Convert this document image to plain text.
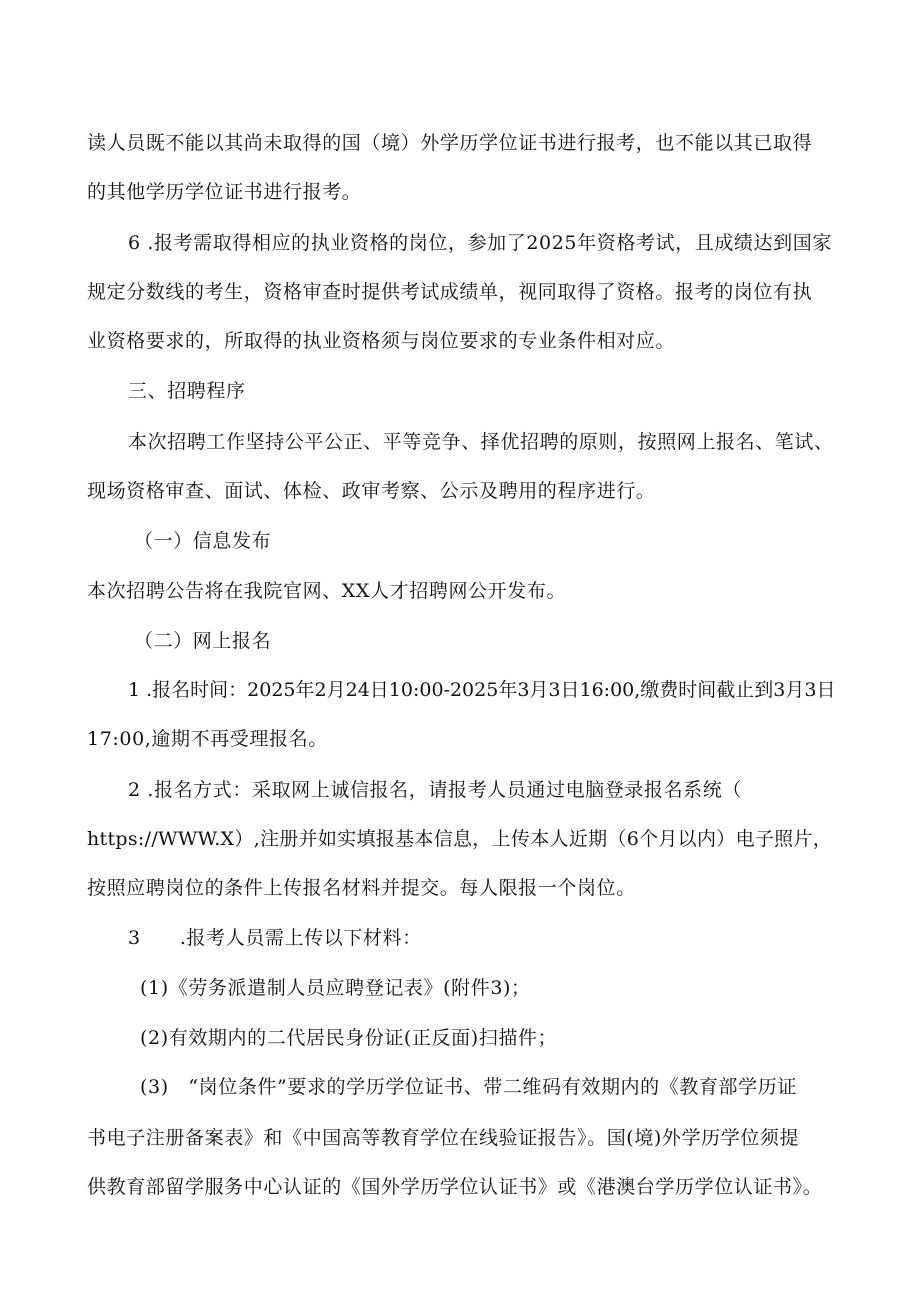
读人员既不能以其尚未取得的国（境）外学历学位证书进行报考，也不能以其已取得
的其他学历学位证书进行报考。
6 .报考需取得相应的执业资格的岗位，参加了2025年资格考试，且成绩达到国家
规定分数线的考生，资格审查时提供考试成绩单，视同取得了资格。报考的岗位有执
业资格要求的，所取得的执业资格须与岗位要求的专业条件相对应。
三、招聘程序
本次招聘工作坚持公平公正、平等竞争、择优招聘的原则，按照网上报名、笔试、
现场资格审查、面试、体检、政审考察、公示及聘用的程序进行。
（一）信息发布
本次招聘公告将在我院官网、XX人才招聘网公开发布。
（二）网上报名
1 .报名时间：2025年2月24日10:00-2025年3月3日16:00,缴费时间截止到3月3日
17:00,逾期不再受理报名。
2 .报名方式：采取网上诚信报名，请报考人员通过电脑登录报名系统（
https://WWW.X）,注册并如实填报基本信息，上传本人近期（6个月以内）电子照片，
按照应聘岗位的条件上传报名材料并提交。每人限报一个岗位。
3　　.报考人员需上传以下材料：
(1)《劳务派遣制人员应聘登记表》(附件3)；
(2)有效期内的二代居民身份证(正反面)扫描件；
(3)　“岗位条件”要求的学历学位证书、带二维码有效期内的《教育部学历证
书电子注册备案表》和《中国高等教育学位在线验证报告》。国(境)外学历学位须提
供教育部留学服务中心认证的《国外学历学位认证书》或《港澳台学历学位认证书》。
